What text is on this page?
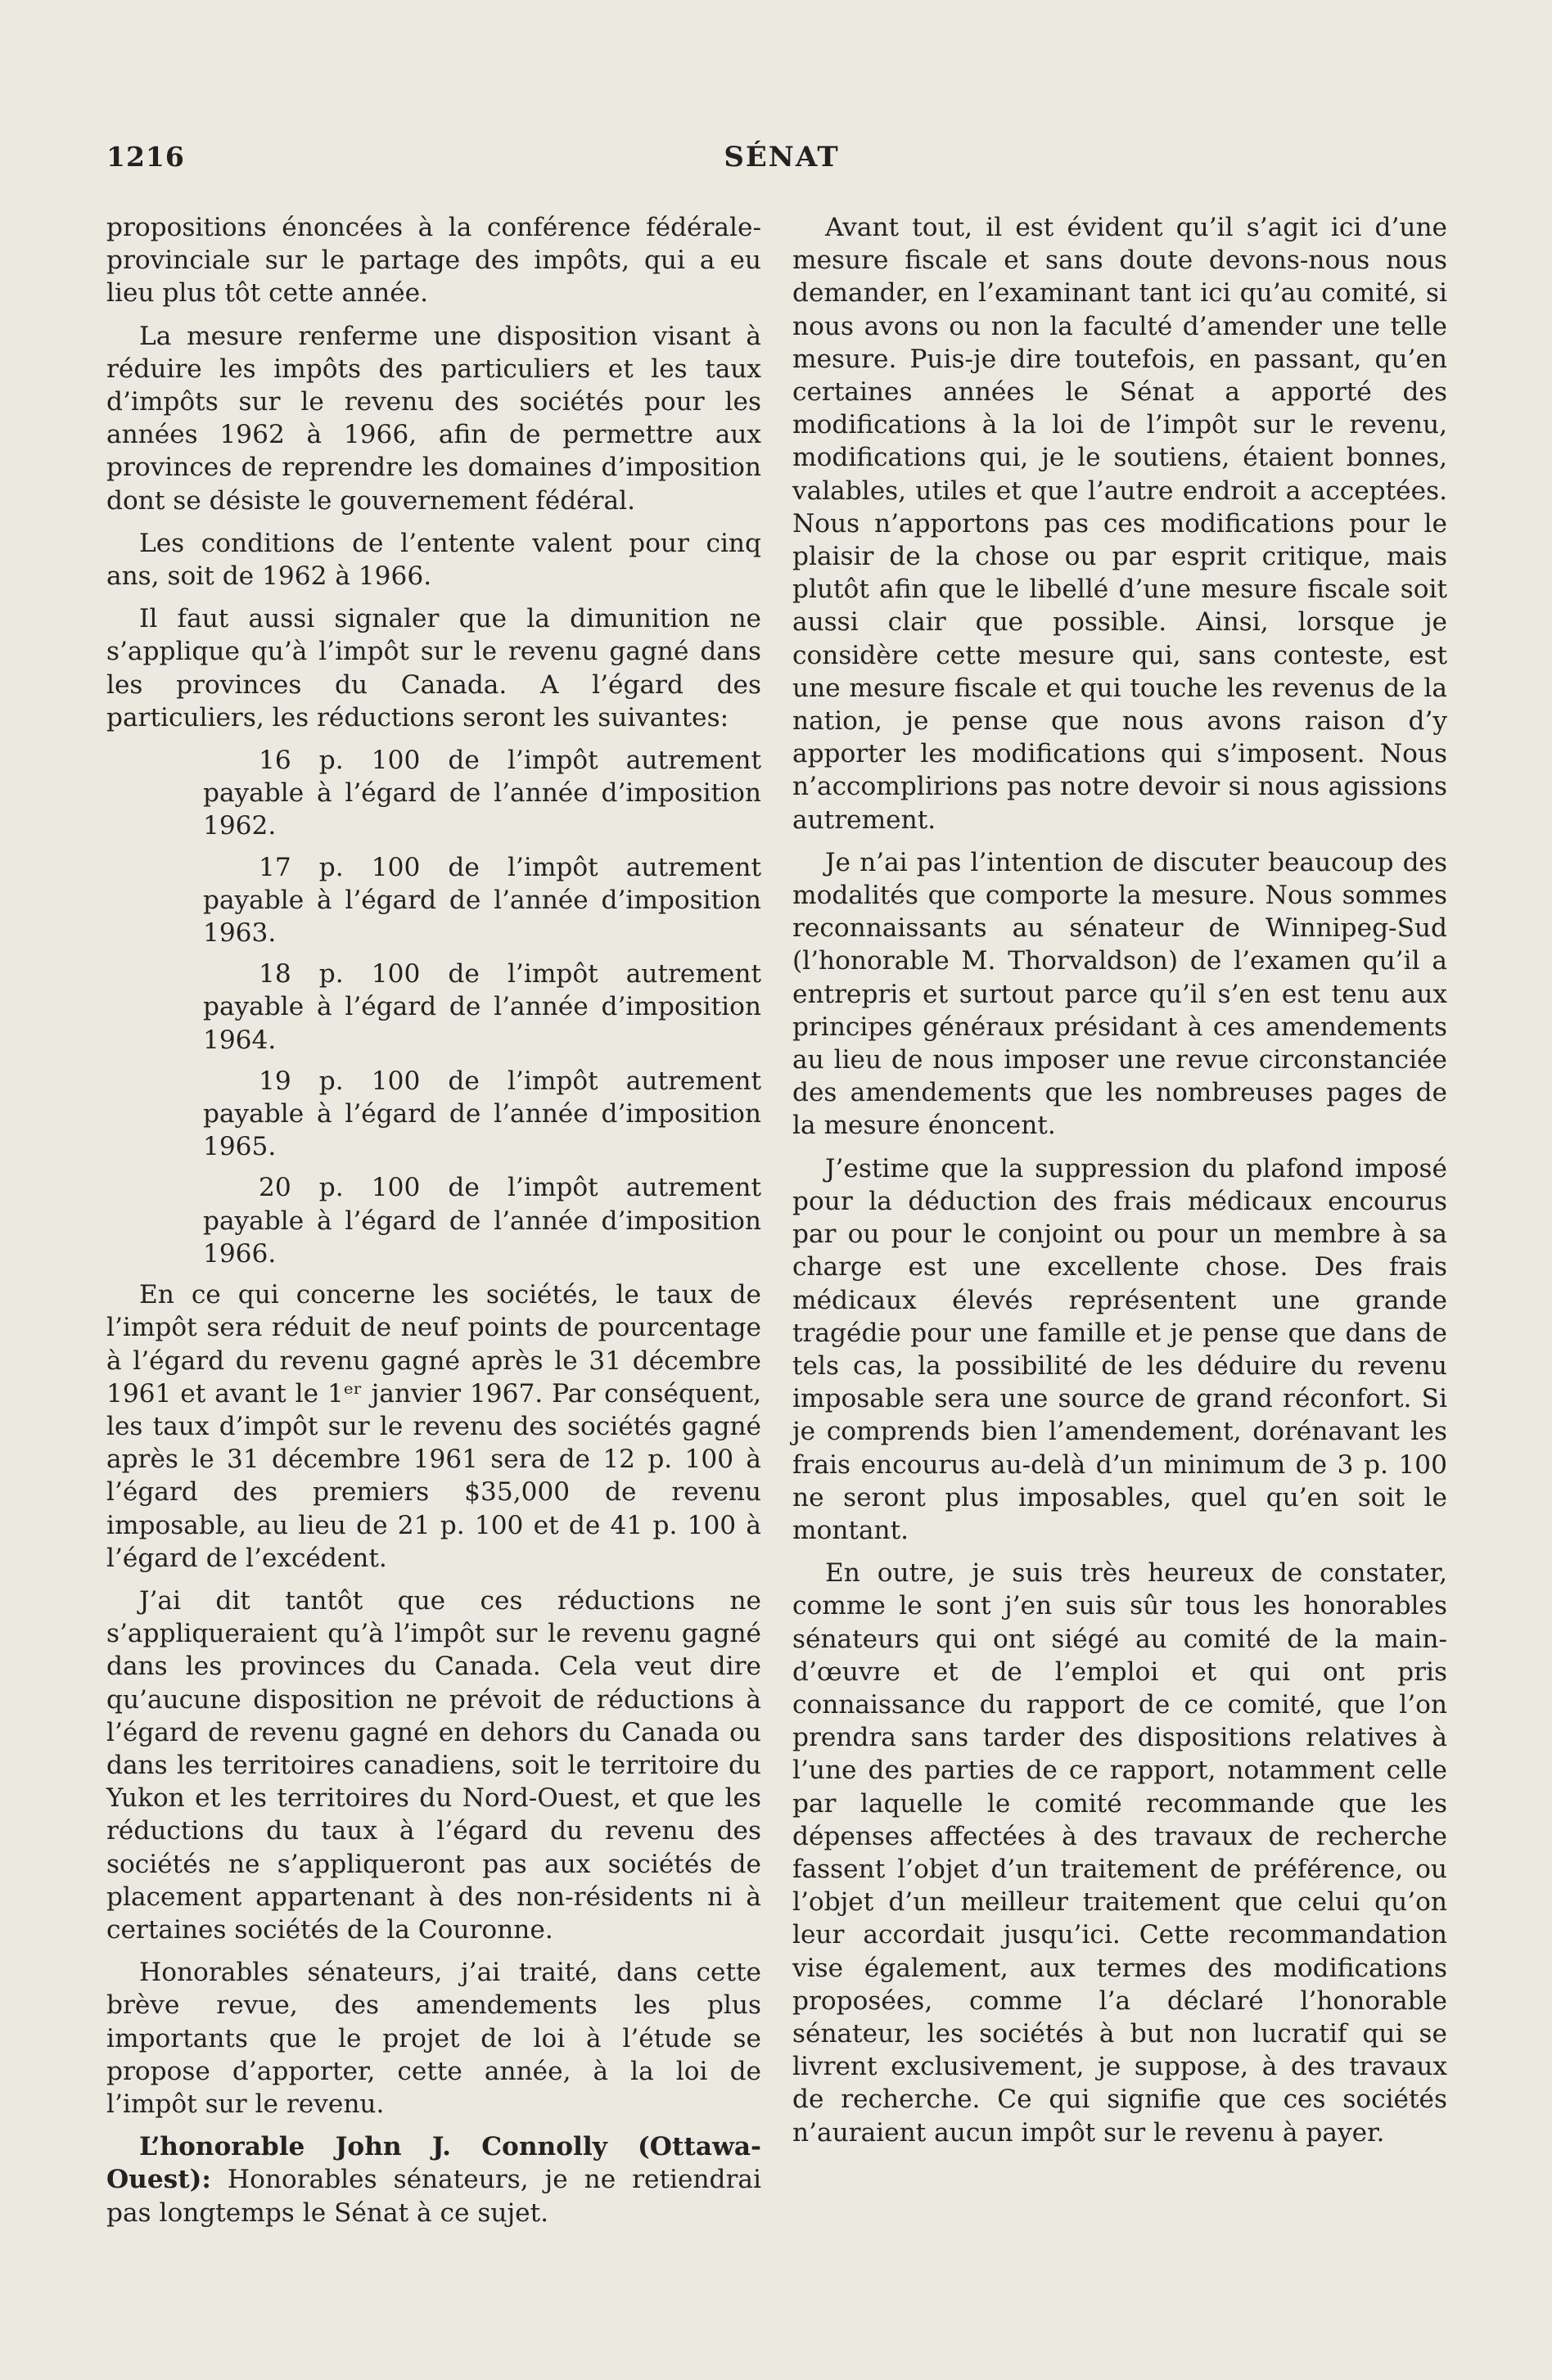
1216	SÉNAT

propositions énoncées à la conférence fédérale-provinciale sur le partage des impôts, qui a eu lieu plus tôt cette année.

La mesure renferme une disposition visant à réduire les impôts des particuliers et les taux d’impôts sur le revenu des sociétés pour les années 1962 à 1966, afin de permettre aux provinces de reprendre les domaines d’imposition dont se désiste le gouvernement fédéral.

Les conditions de l’entente valent pour cinq ans, soit de 1962 à 1966.

Il faut aussi signaler que la dimunition ne s’applique qu’à l’impôt sur le revenu gagné dans les provinces du Canada. A l’égard des particuliers, les réductions seront les suivantes:

16 p. 100 de l’impôt autrement payable à l’égard de l’année d’imposition 1962.
17 p. 100 de l’impôt autrement payable à l’égard de l’année d’imposition 1963.
18 p. 100 de l’impôt autrement payable à l’égard de l’année d’imposition 1964.
19 p. 100 de l’impôt autrement payable à l’égard de l’année d’imposition 1965.
20 p. 100 de l’impôt autrement payable à l’égard de l’année d’imposition 1966.

En ce qui concerne les sociétés, le taux de l’impôt sera réduit de neuf points de pourcentage à l’égard du revenu gagné après le 31 décembre 1961 et avant le 1ᵉʳ janvier 1967. Par conséquent, les taux d’impôt sur le revenu des sociétés gagné après le 31 décembre 1961 sera de 12 p. 100 à l’égard des premiers $35,000 de revenu imposable, au lieu de 21 p. 100 et de 41 p. 100 à l’égard de l’excédent.

J’ai dit tantôt que ces réductions ne s’appliqueraient qu’à l’impôt sur le revenu gagné dans les provinces du Canada. Cela veut dire qu’aucune disposition ne prévoit de réductions à l’égard de revenu gagné en dehors du Canada ou dans les territoires canadiens, soit le territoire du Yukon et les territoires du Nord-Ouest, et que les réductions du taux à l’égard du revenu des sociétés ne s’appliqueront pas aux sociétés de placement appartenant à des non-résidents ni à certaines sociétés de la Couronne.

Honorables sénateurs, j’ai traité, dans cette brève revue, des amendements les plus importants que le projet de loi à l’étude se propose d’apporter, cette année, à la loi de l’impôt sur le revenu.

L’honorable John J. Connolly (Ottawa-Ouest): Honorables sénateurs, je ne retiendrai pas longtemps le Sénat à ce sujet.

Avant tout, il est évident qu’il s’agit ici d’une mesure fiscale et sans doute devons-nous nous demander, en l’examinant tant ici qu’au comité, si nous avons ou non la faculté d’amender une telle mesure. Puis-je dire toutefois, en passant, qu’en certaines années le Sénat a apporté des modifications à la loi de l’impôt sur le revenu, modifications qui, je le soutiens, étaient bonnes, valables, utiles et que l’autre endroit a acceptées. Nous n’apportons pas ces modifications pour le plaisir de la chose ou par esprit critique, mais plutôt afin que le libellé d’une mesure fiscale soit aussi clair que possible. Ainsi, lorsque je considère cette mesure qui, sans conteste, est une mesure fiscale et qui touche les revenus de la nation, je pense que nous avons raison d’y apporter les modifications qui s’imposent. Nous n’accomplirions pas notre devoir si nous agissions autrement.

Je n’ai pas l’intention de discuter beaucoup des modalités que comporte la mesure. Nous sommes reconnaissants au sénateur de Winnipeg-Sud (l’honorable M. Thorvaldson) de l’examen qu’il a entrepris et surtout parce qu’il s’en est tenu aux principes généraux présidant à ces amendements au lieu de nous imposer une revue circonstanciée des amendements que les nombreuses pages de la mesure énoncent.

J’estime que la suppression du plafond imposé pour la déduction des frais médicaux encourus par ou pour le conjoint ou pour un membre à sa charge est une excellente chose. Des frais médicaux élevés représentent une grande tragédie pour une famille et je pense que dans de tels cas, la possibilité de les déduire du revenu imposable sera une source de grand réconfort. Si je comprends bien l’amendement, dorénavant les frais encourus au-delà d’un minimum de 3 p. 100 ne seront plus imposables, quel qu’en soit le montant.

En outre, je suis très heureux de constater, comme le sont j’en suis sûr tous les honorables sénateurs qui ont siégé au comité de la main-d’œuvre et de l’emploi et qui ont pris connaissance du rapport de ce comité, que l’on prendra sans tarder des dispositions relatives à l’une des parties de ce rapport, notamment celle par laquelle le comité recommande que les dépenses affectées à des travaux de recherche fassent l’objet d’un traitement de préférence, ou l’objet d’un meilleur traitement que celui qu’on leur accordait jusqu’ici. Cette recommandation vise également, aux termes des modifications proposées, comme l’a déclaré l’honorable sénateur, les sociétés à but non lucratif qui se livrent exclusivement, je suppose, à des travaux de recherche. Ce qui signifie que ces sociétés n’auraient aucun impôt sur le revenu à payer.
